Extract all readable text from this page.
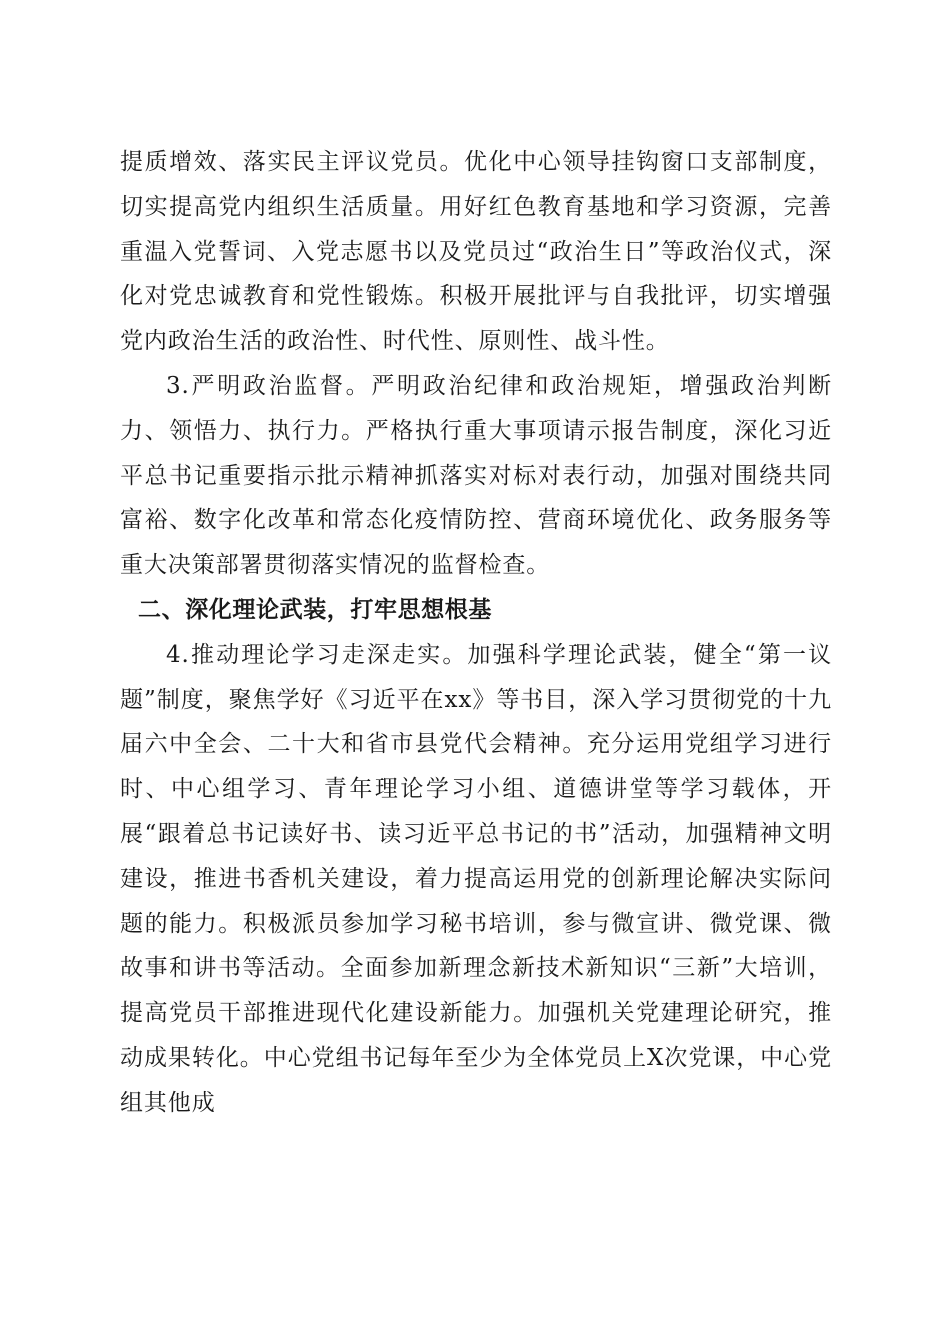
提质增效、落实民主评议党员。优化中心领导挂钩窗口支部制度，切实提高党内组织生活质量。用好红色教育基地和学习资源，完善重温入党誓词、入党志愿书以及党员过“政治生日”等政治仪式，深化对党忠诚教育和党性锻炼。积极开展批评与自我批评，切实增强党内政治生活的政治性、时代性、原则性、战斗性。

3.严明政治监督。严明政治纪律和政治规矩，增强政治判断力、领悟力、执行力。严格执行重大事项请示报告制度，深化习近平总书记重要指示批示精神抓落实对标对表行动，加强对围绕共同富裕、数字化改革和常态化疫情防控、营商环境优化、政务服务等重大决策部署贯彻落实情况的监督检查。

二、深化理论武装，打牢思想根基

4.推动理论学习走深走实。加强科学理论武装，健全“第一议题”制度，聚焦学好《习近平在xx》等书目，深入学习贯彻党的十九届六中全会、二十大和省市县党代会精神。充分运用党组学习进行时、中心组学习、青年理论学习小组、道德讲堂等学习载体，开展“跟着总书记读好书、读习近平总书记的书”活动，加强精神文明建设，推进书香机关建设，着力提高运用党的创新理论解决实际问题的能力。积极派员参加学习秘书培训，参与微宣讲、微党课、微故事和讲书等活动。全面参加新理念新技术新知识“三新”大培训，提高党员干部推进现代化建设新能力。加强机关党建理论研究，推动成果转化。中心党组书记每年至少为全体党员上X次党课，中心党组其他成
